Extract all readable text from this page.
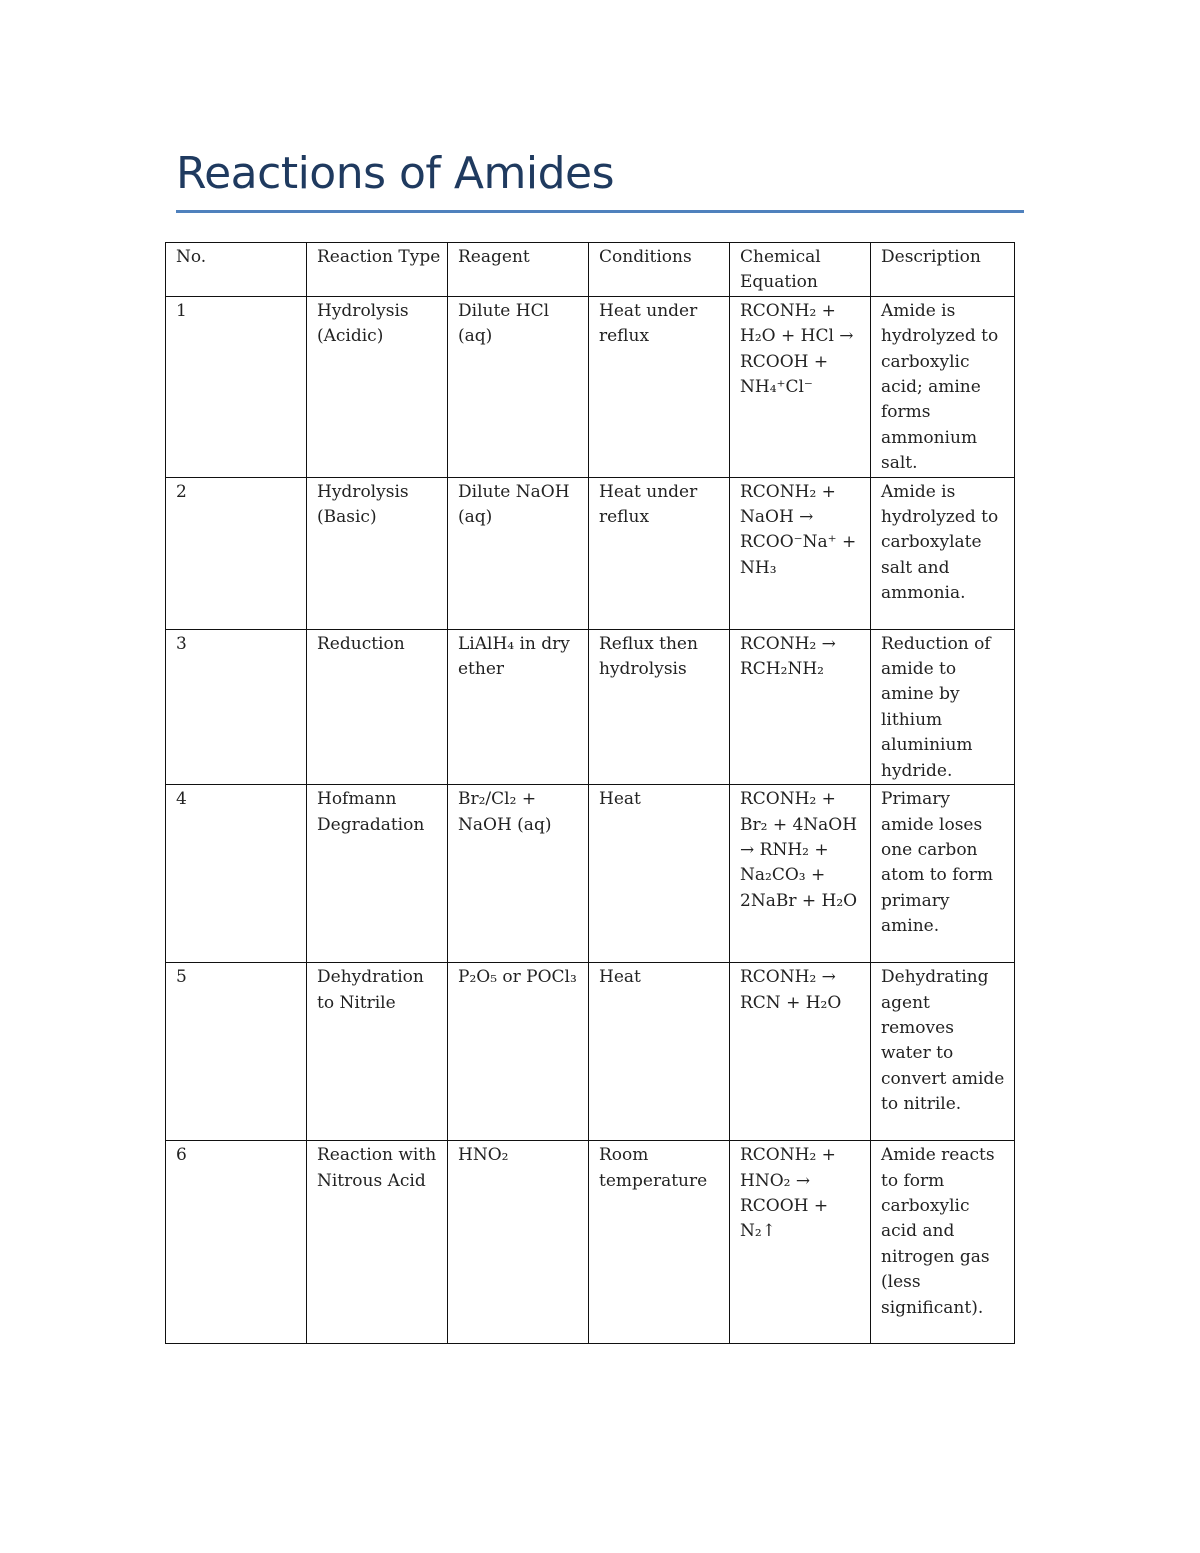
Reactions of Amides
No.	Reaction Type	Reagent	Conditions	Chemical Equation	Description
1	Hydrolysis (Acidic)	Dilute HCl (aq)	Heat under reflux	RCONH₂ + H₂O + HCl → RCOOH + NH₄⁺Cl⁻	Amide is hydrolyzed to carboxylic acid; amine forms ammonium salt.
2	Hydrolysis (Basic)	Dilute NaOH (aq)	Heat under reflux	RCONH₂ + NaOH → RCOO⁻Na⁺ + NH₃	Amide is hydrolyzed to carboxylate salt and ammonia.
3	Reduction	LiAlH₄ in dry ether	Reflux then hydrolysis	RCONH₂ → RCH₂NH₂	Reduction of amide to amine by lithium aluminium hydride.
4	Hofmann Degradation	Br₂/Cl₂ + NaOH (aq)	Heat	RCONH₂ + Br₂ + 4NaOH → RNH₂ + Na₂CO₃ + 2NaBr + H₂O	Primary amide loses one carbon atom to form primary amine.
5	Dehydration to Nitrile	P₂O₅ or POCl₃	Heat	RCONH₂ → RCN + H₂O	Dehydrating agent removes water to convert amide to nitrile.
6	Reaction with Nitrous Acid	HNO₂	Room temperature	RCONH₂ + HNO₂ → RCOOH + N₂↑	Amide reacts to form carboxylic acid and nitrogen gas (less significant).
